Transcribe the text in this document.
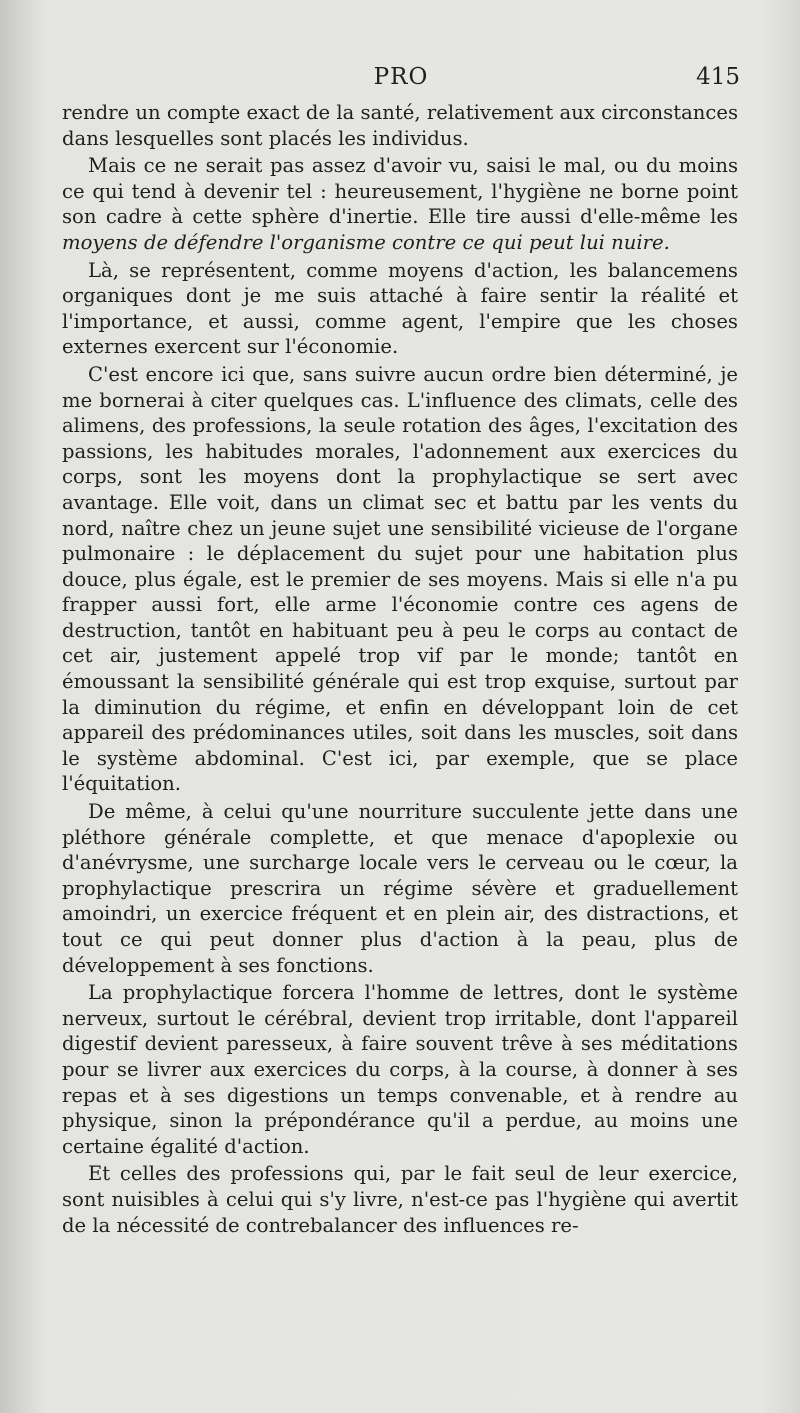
PRO	415

rendre un compte exact de la santé, relativement aux circonstances dans lesquelles sont placés les individus.

Mais ce ne serait pas assez d'avoir vu, saisi le mal, ou du moins ce qui tend à devenir tel : heureusement, l'hygiène ne borne point son cadre à cette sphère d'inertie. Elle tire aussi d'elle-même les moyens de défendre l'organisme contre ce qui peut lui nuire.

Là, se représentent, comme moyens d'action, les balancemens organiques dont je me suis attaché à faire sentir la réalité et l'importance, et aussi, comme agent, l'empire que les choses externes exercent sur l'économie.

C'est encore ici que, sans suivre aucun ordre bien déterminé, je me bornerai à citer quelques cas. L'influence des climats, celle des alimens, des professions, la seule rotation des âges, l'excitation des passions, les habitudes morales, l'adonnement aux exercices du corps, sont les moyens dont la prophylactique se sert avec avantage. Elle voit, dans un climat sec et battu par les vents du nord, naître chez un jeune sujet une sensibilité vicieuse de l'organe pulmonaire : le déplacement du sujet pour une habitation plus douce, plus égale, est le premier de ses moyens. Mais si elle n'a pu frapper aussi fort, elle arme l'économie contre ces agens de destruction, tantôt en habituant peu à peu le corps au contact de cet air, justement appelé trop vif par le monde; tantôt en émoussant la sensibilité générale qui est trop exquise, surtout par la diminution du régime, et enfin en développant loin de cet appareil des prédominances utiles, soit dans les muscles, soit dans le système abdominal. C'est ici, par exemple, que se place l'équitation.

De même, à celui qu'une nourriture succulente jette dans une pléthore générale complette, et que menace d'apoplexie ou d'anévrysme, une surcharge locale vers le cerveau ou le cœur, la prophylactique prescrira un régime sévère et graduellement amoindri, un exercice fréquent et en plein air, des distractions, et tout ce qui peut donner plus d'action à la peau, plus de développement à ses fonctions.

La prophylactique forcera l'homme de lettres, dont le système nerveux, surtout le cérébral, devient trop irritable, dont l'appareil digestif devient paresseux, à faire souvent trêve à ses méditations pour se livrer aux exercices du corps, à la course, à donner à ses repas et à ses digestions un temps convenable, et à rendre au physique, sinon la prépondérance qu'il a perdue, au moins une certaine égalité d'action.

Et celles des professions qui, par le fait seul de leur exercice, sont nuisibles à celui qui s'y livre, n'est-ce pas l'hygiène qui avertit de la nécessité de contrebalancer des influences re-
